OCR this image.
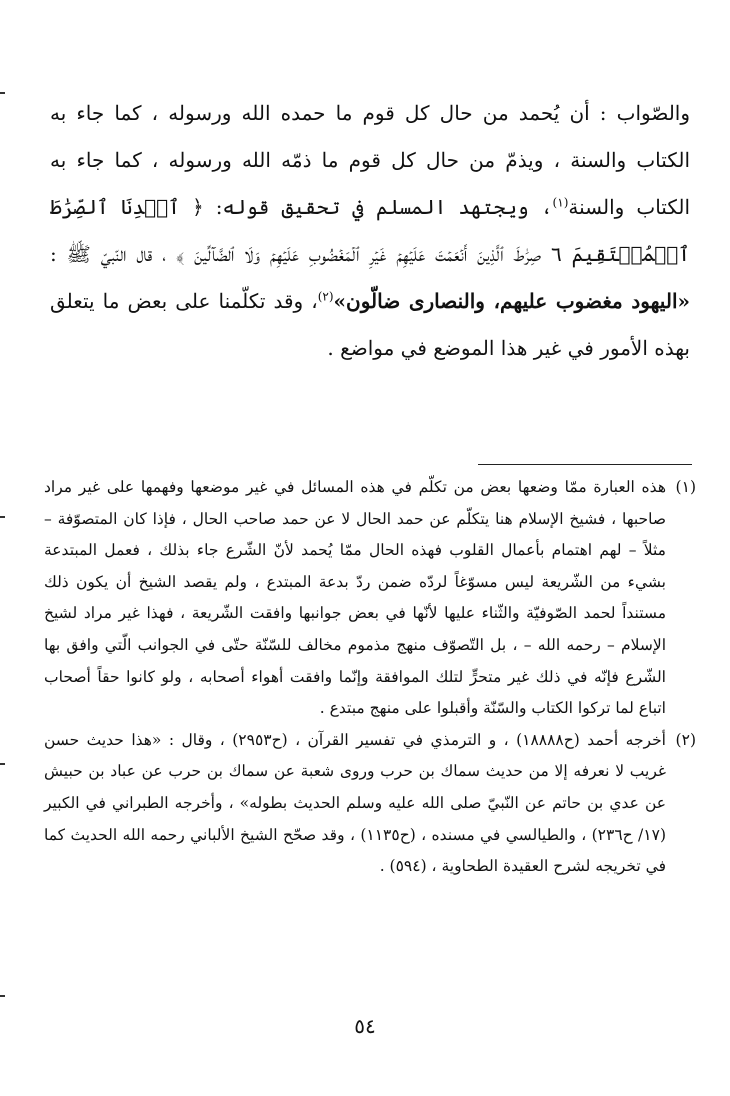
والصّواب : أن يُحمد من حال كل قوم ما حمده الله ورسوله ، كما جاء به الكتاب والسنة ، ويذمّ من حال كل قوم ما ذمّه الله ورسوله ، كما جاء به الكتاب والسنة$^{(١)}$، ويجتهد المسلم في تحقيق قوله: ﴿ ٱهۡدِنَا ٱلصِّرَٰطَ ٱلۡمُسۡتَقِيمَ ٦ صِرَٰطَ ٱلَّذِينَ أَنۡعَمۡتَ عَلَيۡهِمۡ غَيۡرِ ٱلۡمَغۡضُوبِ عَلَيۡهِمۡ وَلَا ٱلضَّآلِّينَ ﴾ ، قال النّبيّ ﷺ : «اليهود مغضوب عليهم، والنصارى ضالّون»$^{(٢)}$، وقد تكلّمنا على بعض ما يتعلق بهذه الأمور في غير هذا الموضع في مواضع .

(١)
هذه العبارة ممّا وضعها بعض من تكلّم في هذه المسائل في غير موضعها وفهمها على غير مراد صاحبها ، فشيخ الإسلام هنا يتكلّم عن حمد الحال لا عن حمد صاحب الحال ، فإذا كان المتصوّفة – مثلاً – لهم اهتمام بأعمال القلوب فهذه الحال ممّا يُحمد لأنّ الشّرع جاء بذلك ، فعمل المبتدعة بشيء من الشّريعة ليس مسوّغاً لردّه ضمن ردّ بدعة المبتدع ، ولم يقصد الشيخ أن يكون ذلك مستنداً لحمد الصّوفيّة والثّناء عليها لأنّها في بعض جوانبها وافقت الشّريعة ، فهذا غير مراد لشيخ الإسلام – رحمه الله – ، بل التّصوّف منهج مذموم مخالف للسّنّة حتّى في الجوانب الّتي وافق بها الشّرع فإنّه في ذلك غير متحرٍّ لتلك الموافقة وإنّما وافقت أهواء أصحابه ، ولو كانوا حقاً أصحاب اتباع لما تركوا الكتاب والسّنّة وأقبلوا على منهج مبتدع .

(٢)
أخرجه أحمد (ح١٨٨٨٨) ، و الترمذي في تفسير القرآن ، (ح٢٩٥٣) ، وقال : «هذا حديث حسن غريب لا نعرفه إلا من حديث سماك بن حرب وروى شعبة عن سماك بن حرب عن عباد بن حبيش عن عدي بن حاتم عن النّبيّ صلى الله عليه وسلم الحديث بطوله» ، وأخرجه الطبراني في الكبير (١٧/ ح٢٣٦) ، والطيالسي في مسنده ، (ح١١٣٥) ، وقد صحّح الشيخ الألباني رحمه الله الحديث كما في تخريجه لشرح العقيدة الطحاوية ، (٥٩٤) .

٥٤
